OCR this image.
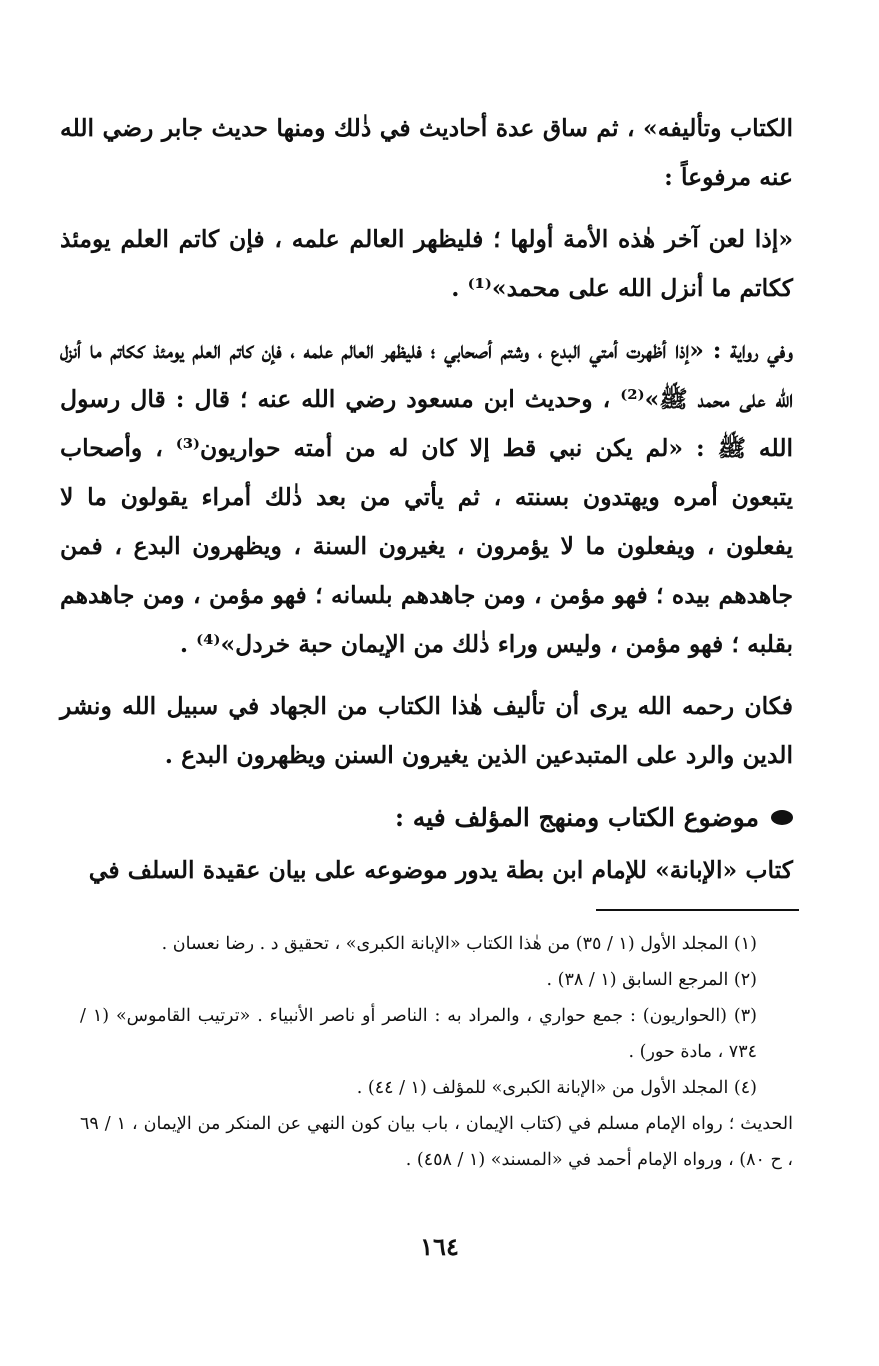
الكتاب وتأليفه» ، ثم ساق عدة أحاديث في ذٰلك ومنها حديث جابر رضي الله عنه مرفوعاً :

«إذا لعن آخر هٰذه الأمة أولها ؛ فليظهر العالم علمه ، فإن كاتم العلم يومئذ ككاتم ما أنزل الله على محمد»⁽¹⁾ .

وفي رواية : «إذا أظهرت أمتي البدع ، وشتم أصحابي ؛ فليظهر العالم علمه ، فإن كاتم العلم يومئذ ككاتم ما أنزل الله على محمد ﷺ»⁽²⁾ ، وحديث ابن مسعود رضي الله عنه ؛ قال : قال رسول الله ﷺ : «لم يكن نبي قط إلا كان له من أمته حواريون⁽³⁾ ، وأصحاب يتبعون أمره ويهتدون بسنته ، ثم يأتي من بعد ذٰلك أمراء يقولون ما لا يفعلون ، ويفعلون ما لا يؤمرون ، يغيرون السنة ، ويظهرون البدع ، فمن جاهدهم بيده ؛ فهو مؤمن ، ومن جاهدهم بلسانه ؛ فهو مؤمن ، ومن جاهدهم بقلبه ؛ فهو مؤمن ، وليس وراء ذٰلك من الإيمان حبة خردل»⁽⁴⁾ .

فكان رحمه الله يرى أن تأليف هٰذا الكتاب من الجهاد في سبيل الله ونشر الدين والرد على المتبدعين الذين يغيرون السنن ويظهرون البدع .

موضوع الكتاب ومنهج المؤلف فيه :

كتاب «الإبانة» للإمام ابن بطة يدور موضوعه على بيان عقيدة السلف في

(١) المجلد الأول (١ / ٣٥) من هٰذا الكتاب «الإبانة الكبرى» ، تحقيق د . رضا نعسان .

(٢) المرجع السابق (١ / ٣٨) .

(٣) (الحواريون) : جمع حواري ، والمراد به : الناصر أو ناصر الأنبياء . «ترتيب القاموس» (١ / ٧٣٤ ، مادة حور) .

(٤) المجلد الأول من «الإبانة الكبرى» للمؤلف (١ / ٤٤) .

الحديث ؛ رواه الإمام مسلم في (كتاب الإيمان ، باب بيان كون النهي عن المنكر من الإيمان ، ١ / ٦٩ ، ح ٨٠) ، ورواه الإمام أحمد في «المسند» (١ / ٤٥٨) .

١٦٤
